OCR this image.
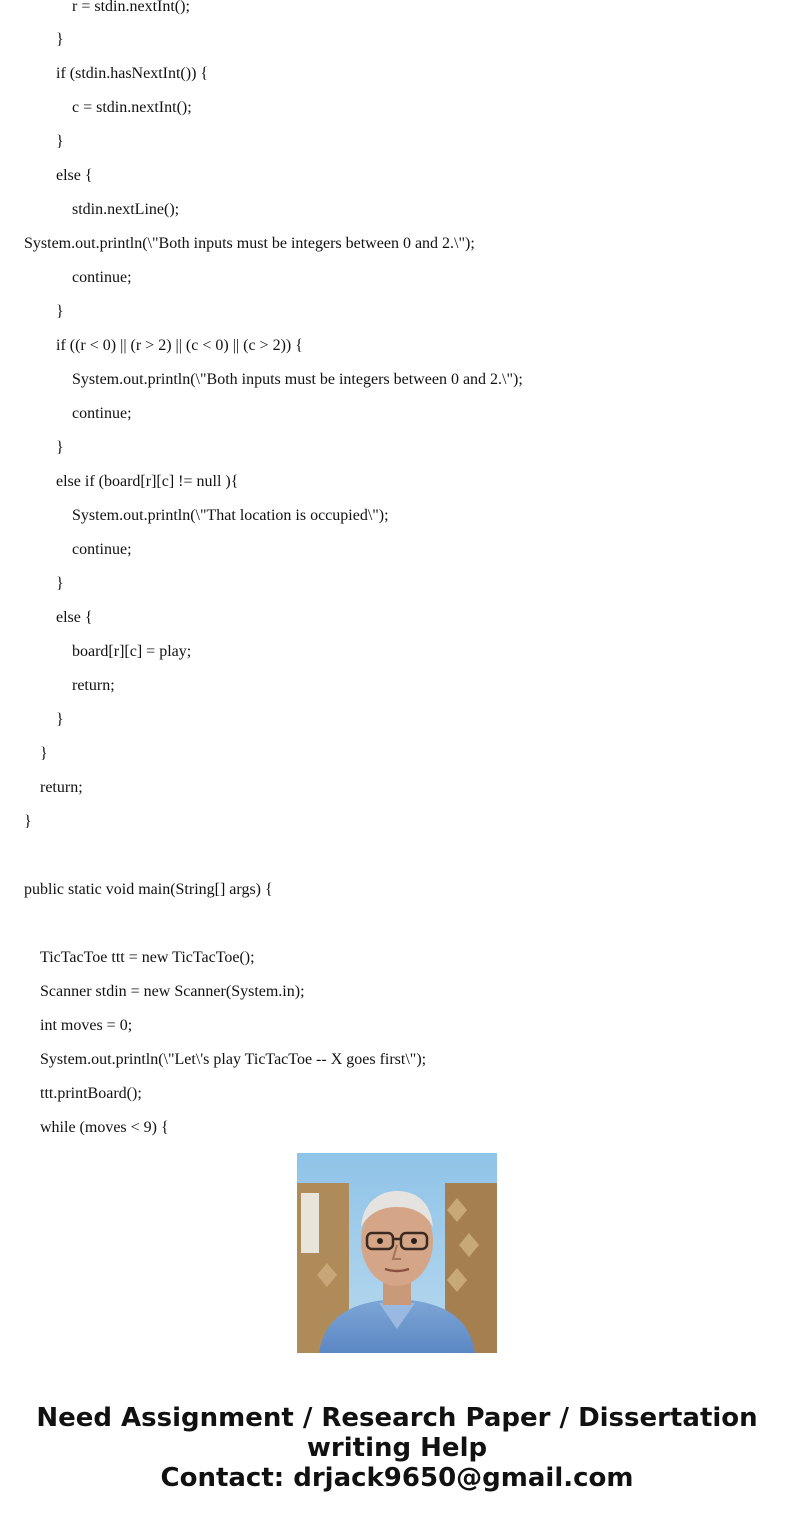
r = stdin.nextInt();
}
if (stdin.hasNextInt()) {
c = stdin.nextInt();
}
else {
stdin.nextLine();
System.out.println(\"Both inputs must be integers between 0 and 2.\");
continue;
}
if ((r < 0) || (r > 2) || (c < 0) || (c > 2)) {
System.out.println(\"Both inputs must be integers between 0 and 2.\");
continue;
}
else if (board[r][c] != null ){
System.out.println(\"That location is occupied\");
continue;
}
else {
board[r][c] = play;
return;
}
}
return;
}
public static void main(String[] args) {
TicTacToe ttt = new TicTacToe();
Scanner stdin = new Scanner(System.in);
int moves = 0;
System.out.println(\"Let\'s play TicTacToe -- X goes first\");
ttt.printBoard();
while (moves < 9) {
Need Assignment / Research Paper / Dissertation
writing Help
Contact: drjack9650@gmail.com
